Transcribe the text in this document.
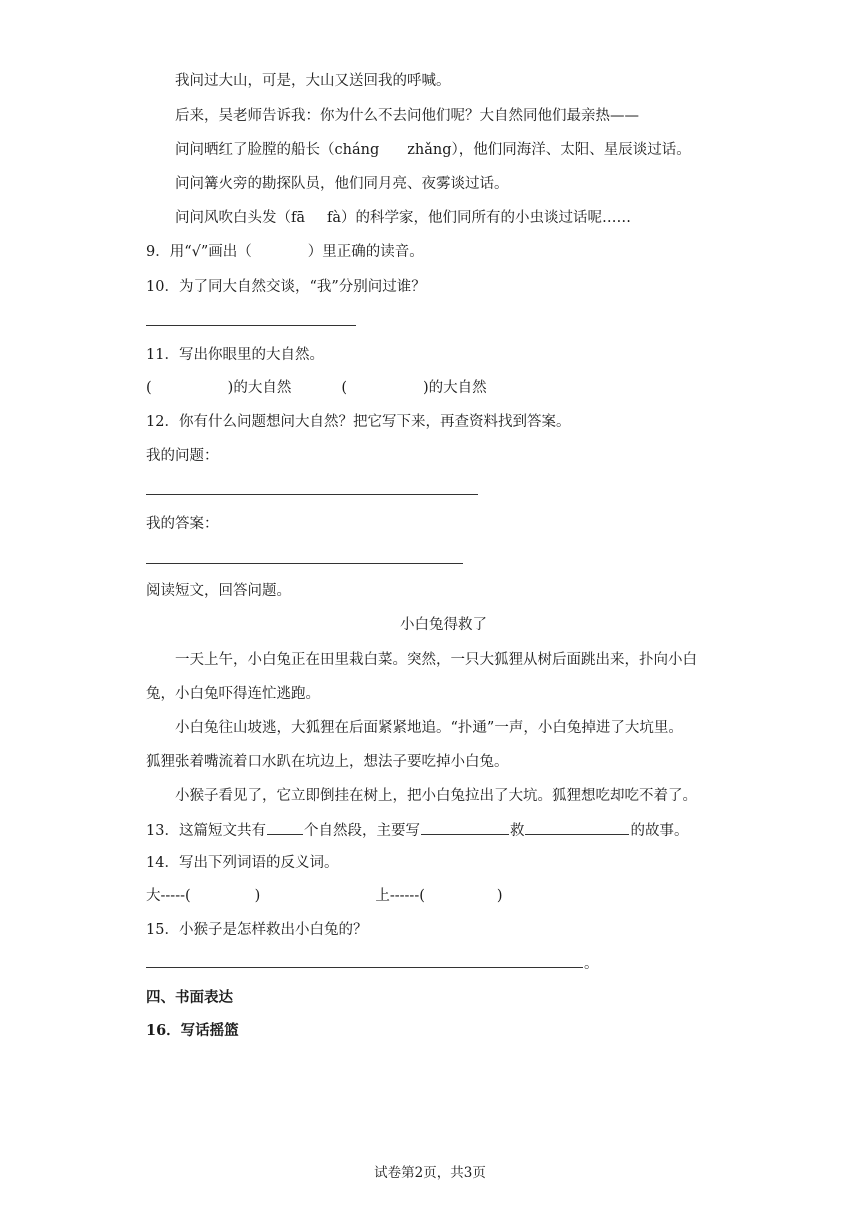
我问过大山，可是，大山又送回我的呼喊。
后来，吴老师告诉我：你为什么不去问他们呢？大自然同他们最亲热——
问问晒红了脸膛的船长（cháng zhǎng），他们同海洋、太阳、星辰谈过话。
问问篝火旁的勘探队员，他们同月亮、夜雾谈过话。
问问风吹白头发（fā fà）的科学家，他们同所有的小虫谈过话呢……
9．用“√”画出（	）里正确的读音。
10．为了同大自然交谈，“我”分别问过谁？
11．写出你眼里的大自然。
(	)的大自然	(	)的大自然
12．你有什么问题想问大自然？把它写下来，再查资料找到答案。
我的问题：
我的答案：
阅读短文，回答问题。
小白兔得救了
一天上午，小白兔正在田里栽白菜。突然，一只大狐狸从树后面跳出来，扑向小白
兔，小白兔吓得连忙逃跑。
小白兔往山坡逃，大狐狸在后面紧紧地追。“扑通”一声，小白兔掉进了大坑里。
狐狸张着嘴流着口水趴在坑边上，想法子要吃掉小白兔。
小猴子看见了，它立即倒挂在树上，把小白兔拉出了大坑。狐狸想吃却吃不着了。
13．这篇短文共有	个自然段，主要写	救	的故事。
14．写出下列词语的反义词。
大-----(	)	上------(	)
15．小猴子是怎样救出小白兔的？
。
四、书面表达
16．写话摇篮
试卷第2页，共3页
